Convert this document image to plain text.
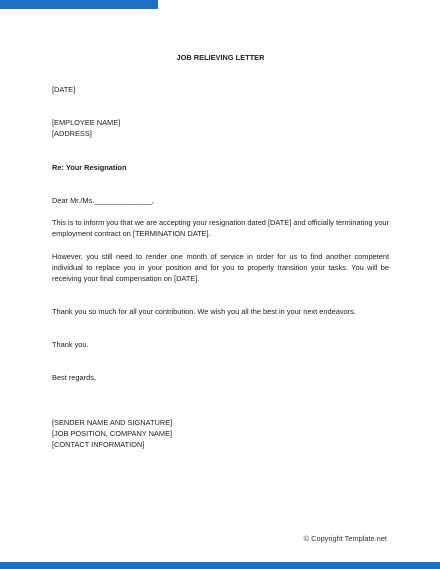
JOB RELIEVING LETTER
[DATE]
[EMPLOYEE NAME]
[ADDRESS]
Re: Your Resignation
Dear Mr./Ms.______________,
This is to inform you that we are accepting your resignation dated [DATE] and officially terminating your employment contract on [TERMINATION DATE].
However, you still need to render one month of service in order for us to find another competent individual to replace you in your position and for you to properly transition your tasks. You will be receiving your final compensation on [DATE].
Thank you so much for all your contribution. We wish you all the best in your next endeavors.
Thank you.
Best regards,
[SENDER NAME AND SIGNATURE]
[JOB POSITION, COMPANY NAME]
[CONTACT INFORMATION]
© Copyright Template.net
